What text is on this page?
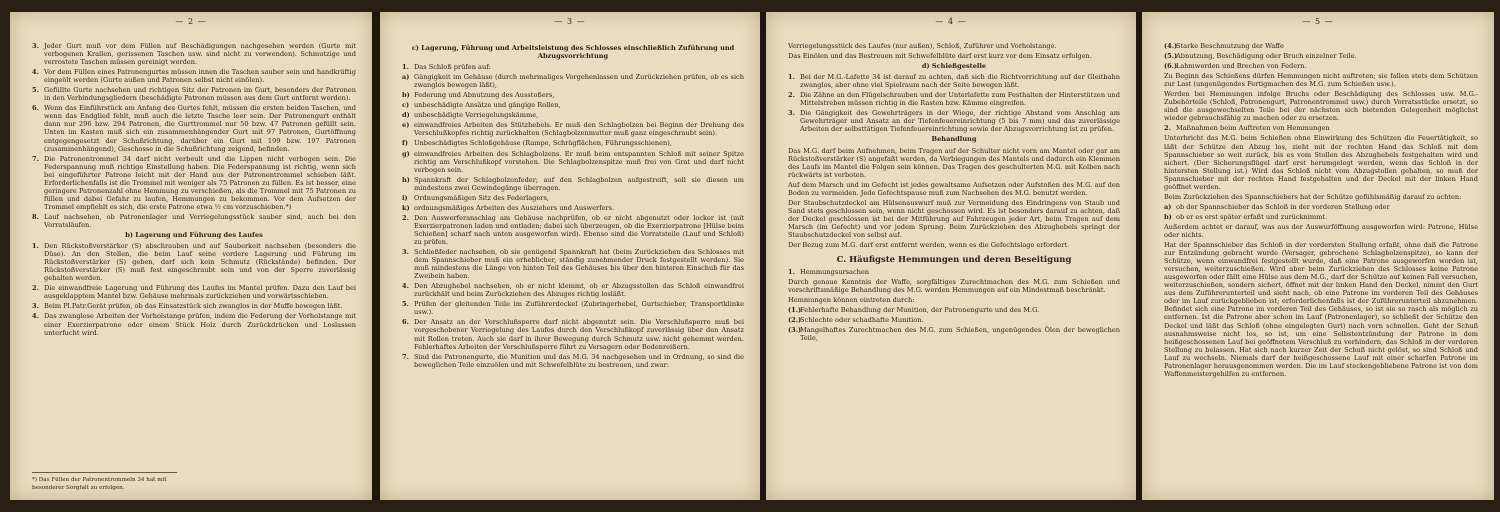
— 2 —
3. Jeder Gurt muß vor dem Füllen auf Beschädigungen nachgesehen werden (Gurte mit verbogenen Krallen, gerissenen Taschen usw. sind nicht zu verwenden). Schmutzige und verrostete Taschen müssen gereinigt werden.
4. Vor dem Füllen eines Patronengurtes müssen innen die Taschen sauber sein und handkräftig eingeölt werden (Gurte außen und Patronen selbst nicht einölen).
5. Gefüllte Gurte nachsehen und richtigen Sitz der Patronen im Gurt, besonders der Patronen in den Verbindungsgliedern (beschädigte Patronen müssen aus dem Gurt entfernt werden).
6. Wenn das Einführstück am Anfang des Gurtes fehlt, müssen die ersten beiden Taschen, und wenn das Endglied fehlt, muß auch die letzte Tasche leer sein. Der Patronengurt enthält dann nur 296 bzw. 294 Patronen, die Gurttrommel nur 50 bzw. 47 Patronen gefüllt sein. Unten im Kasten muß sich ein zusammenhängender Gurt mit 97 Patronen, Gurtöffnung entgegengesetzt der Schußrichtung, darüber ein Gurt mit 199 bzw. 197 Patronen (zusammenhängend), Geschosse in die Schußrichtung zeigend, befinden.
7. Die Patronentrommel 34 darf nicht verbeult und die Lippen nicht verbogen sein. Die Federspannung muß richtige Einstellung haben. Die Federspannung ist richtig, wenn sich bei eingeführter Patrone leicht mit der Hand aus der Patronentrommel schieben läßt. Erforderlichenfalls ist die Trommel mit weniger als 75 Patronen zu füllen. Es ist besser, eine geringere Patronenzahl ohne Hemmung zu verschießen, als die Trommel mit 75 Patronen zu füllen und dabei Gefahr zu laufen, Hemmungen zu bekommen. Vor dem Aufsetzen der Trommel empfiehlt es sich, die erste Patrone etwa ½ cm vorzuschieben.*)
8. Lauf nachsehen, ob Patronenlager und Verriegelungsstück sauber sind, auch bei den Vorratsläufen.
b) Lagerung und Führung des Laufes
1. Den Rückstoßverstärker (S) abschrauben und auf Sauberkeit nachsehen (besonders die Düse). An den Stellen, die beim Lauf seine vordere Lagerung und Führung im Rückstoßverstärker (S) geben, darf sich kein Schmutz (Rückstände) befinden. Der Rückstoßverstärker (S) muß fest eingeschraubt sein und von der Sperre zuverlässig gehalten werden.
2. Die einwandfreie Lagerung und Führung des Laufes im Mantel prüfen. Dazu den Lauf bei ausgeklapptem Mantel bzw. Gehäuse mehrmals zurückziehen und vorwärtsschieben.
3. Beim Pl.Patr.Gerät prüfen, ob das Einsatzstück sich zwanglos in der Muffe bewegen läßt.
4. Das zwanglose Arbeiten der Vorholstange prüfen, indem die Federung der Vorholstange mit einer Exerzierpatrone oder einem Stück Holz durch Zurückdrücken und Loslassen unterfucht wird.
*) Das Füllen der Patronentrommeln 34 hat mit besonderer Sorgfalt zu erfolgen.
— 3 —
c) Lagerung, Führung und Arbeitsleistung des Schlosses einschließlich Zuführung und Abzugsvorrichtung
1. Das Schloß prüfen auf:
a) Gängigkeit im Gehäuse (durch mehrmaliges Vorgehenlassen und Zurückziehen prüfen, ob es sich zwanglos bewegen läßt),
b) Federung und Abnutzung des Ausstoßers,
c) unbeschädigte Ansätze und gängige Rollen,
d) unbeschädigte Verriegelungskämme,
e) einwandfreies Arbeiten des Stützhebels. Er muß den Schlagbolzen bei Beginn der Drehung des Verschlußkopfes richtig zurückhalten (Schlagbolzenmutter muß ganz eingeschraubt sein).
f) Unbeschädigtes Schloßgehäuse (Rampe, Schrägflächen, Führungsschienen),
g) einwandfreies Arbeiten des Schlagbolzens. Er muß beim entspannten Schloß mit seiner Spitze richtig am Verschlußkopf vorstehen. Die Schlagbolzenspitze muß frei von Grat und darf nicht verbogen sein.
h) Spannkraft der Schlagbolzenfeder; auf den Schlagbolzen aufgestreift, soll sie diesen um mindestens zwei Gewindegänge überragen.
i) Ordnungsmäßigen Sitz des Federlagers,
k) ordnungsmäßiges Arbeiten des Ausziehers und Auswerfers.
2. Den Auswerferanschlag am Gehäuse nachprüfen, ob er nicht abgenutzt oder locker ist (mit Exerzierpatronen laden und entladen; dabei sich überzeugen, ob die Exerzierpatrone [Hülse beim Schießen] scharf nach unten ausgeworfen wird). Ebenso sind die Vorratsteile (Lauf und Schloß) zu prüfen.
3. Schließfeder nachsehen, ob sie genügend Spannkraft hat (beim Zurückziehen des Schlosses mit dem Spannschieber muß ein erheblicher, ständig zunehmender Druck festgestellt werden). Sie muß mindestens die Länge von hinten Teil des Gehäuses bis über den hinteren Einschub für das Zweibein haben.
4. Den Abzughebel nachsehen, ob er nicht klemmt, ob er Abzugsstollen das Schloß einwandfrei zurückhält und beim Zurückziehen des Abzuges richtig losläßt.
5. Prüfen der gleitenden Teile im Zuführerdeckel (Zubringerhebel, Gurtschieber, Transportklinke usw.).
6. Der Ansatz an der Verschlußsperre darf nicht abgenutzt sein. Die Verschlußsperre muß bei vorgeschobener Verriegelung des Laufes durch den Verschlußkopf zuverlässig über den Ansatz mit Rollen treten. Auch sie darf in ihrer Bewegung durch Schmutz usw. nicht gehemmt werden. Fehlerhaftes Arbeiten der Verschlußsperre führt zu Versagern oder Bodenreißern.
7. Sind die Patronengurte, die Munition und das M.G. 34 nachgesehen und in Ordnung, so sind die beweglichen Teile einzuölen und mit Schwefelblüte zu bestreuen, und zwar:
— 4 —
Verriegelungsstück des Laufes (nur außen), Schloß, Zuführer und Vorholstange.
Das Einölen und das Bestreuen mit Schwefelblüte darf erst kurz vor dem Einsatz erfolgen.
d) Schießgestelle
1. Bei der M.G.-Lafette 34 ist darauf zu achten, daß sich die Richtvorrichtung auf der Gleitbahn zwanglos, aber ohne viel Spielraum nach der Seite bewegen läßt.
2. Die Zähne an den Flügelschrauben und der Unterlafette zum Festhalten der Hinterstützen und Mittelstreben müssen richtig in die Rasten bzw. Kämme eingreifen.
3. Die Gängigkeit des Gewehrträgers in der Wiege, der richtige Abstand vom Anschlag am Gewehrträger und Ansatz an der Tiefenfeuereinrichtung (5 bis 7 mm) und das zuverlässige Arbeiten der selbsttätigen Tiefenfeuereinrichtung sowie der Abzugsvorrichtung ist zu prüfen.
Behandlung
Das M.G. darf beim Aufnehmen, beim Tragen auf der Schulter nicht vorn am Mantel oder gar am Rückstoßverstärker (S) angefaßt werden, da Verbiegungen des Mantels und dadurch ein Klemmen des Laufs im Mantel die Folgen sein können. Das Tragen des geschulterten M.G. mit Kolben nach rückwärts ist verboten.
Auf dem Marsch und im Gefecht ist jedes gewaltsame Aufsetzen oder Aufstoßen des M.G. auf den Boden zu vermeiden. Jede Gefechtspause muß zum Nachsehen des M.G. benutzt werden.
Der Staubschutzdeckel am Hülsenauswurf muß zur Vermeidung des Eindringens von Staub und Sand stets geschlossen sein, wenn nicht geschossen wird. Es ist besonders darauf zu achten, daß der Deckel geschlossen ist bei der Mitführung auf Fahrzeugen jeder Art, beim Tragen auf dem Marsch (im Gefecht) und vor jedem Sprung. Beim Zurückziehen des Abzughebels springt der Staubschutzdeckel von selbst auf.
Der Bezug zum M.G. darf erst entfernt werden, wenn es die Gefechtslage erfordert.
C. Häufigste Hemmungen und deren Beseitigung
1. Hemmungsursachen
Durch genaue Kenntnis der Waffe, sorgfältiges Zurechtmachen des M.G. zum Schießen und vorschriftsmäßige Behandlung des M.G. werden Hemmungen auf ein Mindestmaß beschränkt.
Hemmungen können eintreten durch:
(1.)
Fehlerhafte Behandlung der Munition, der Patronengurte und des M.G.
(2.)
Schlechte oder schadhafte Munition.
(3.)
Mangelhaftes Zurechtmachen des M.G. zum Schießen, ungenügendes Ölen der beweglichen Teile,
— 5 —
(4.)
Starke Beschmutzung der Waffe
(5.)
Abnutzung, Beschädigung oder Bruch einzelner Teile.
(6.)
Lahmwerden und Brechen von Federn.
Zu Beginn des Schießens dürfen Hemmungen nicht auftreten; sie fallen stets dem Schützen zur Last (ungenügendes Fertigmachen des M.G. zum Schießen usw.).
Werden bei Hemmungen infolge Bruchs oder Beschädigung des Schlosses usw. M.G.-Zubehörteile (Schloß, Patronengurt, Patronentrommel usw.) durch Vorratsstücke ersetzt, so sind die ausgewechselten Teile bei der nächsten sich bietenden Gelegenheit möglichst wieder gebrauchsfähig zu machen oder zu ersetzen.
2. Maßnahmen beim Auftreten von Hemmungen
Unterbricht das M.G. beim Schießen ohne Einwirkung des Schützen die Feuertätigkeit, so läßt der Schütze den Abzug los, zieht mit der rechten Hand das Schloß mit dem Spannschieber so weit zurück, bis es vom Stollen des Abzughebels festgehalten wird und sichert. (Der Sicherungsflügel darf erst herumgelegt werden, wenn das Schloß in der hintersten Stellung ist.) Wird das Schloß nicht vom Abzugstollen gehalten, so muß der Spannschieber mit der rechten Hand festgehalten und der Deckel mit der linken Hand geöffnet werden.
Beim Zurückziehen des Spannschiebers hat der Schütze gefühlsmäßig darauf zu achten:
a) ob der Spannschieber das Schloß in der vorderen Stellung oder
b) ob er es erst später erfaßt und zurücknimmt.
Außerdem achtet er darauf, was aus der Auswurföffnung ausgeworfen wird: Patrone, Hülse oder nichts.
Hat der Spannschieber das Schloß in der vordersten Stellung erfaßt, ohne daß die Patrone zur Entzündung gebracht wurde (Versager, gebrochene Schlagbolzenspitze), so kann der Schütze, wenn einwandfrei festgestellt wurde, daß eine Patrone ausgeworfen worden ist, versuchen, weiterzuschießen. Wird aber beim Zurückziehen des Schlosses keine Patrone ausgeworfen oder fällt eine Hülse aus dem M.G., darf der Schütze auf keinen Fall versuchen, weiterzuschießen, sondern sichert, öffnet mit der linken Hand den Deckel, nimmt den Gurt aus dem Zuführerunterteil und sieht nach, ob eine Patrone im vorderen Teil des Gehäuses oder im Lauf zurückgeblieben ist; erforderlichenfalls ist der Zuführerunterteil abzunehmen. Befindet sich eine Patrone im vorderen Teil des Gehäuses, so ist sie so rasch als möglich zu entfernen. Ist die Patrone aber schon im Lauf (Patronenlager), so schließt der Schütze den Deckel und läßt das Schloß (ohne eingelegten Gurt) nach vorn schnellen. Geht der Schuß ausnahmsweise nicht los, so ist, um eine Selbstentzündung der Patrone in dem heißgeschossenen Lauf bei geöffnetem Verschluß zu verhindern, das Schloß in der vorderen Stellung zu belassen. Hat sich nach kurzer Zeit der Schuß nicht gelöst, so sind Schloß und Lauf zu wechseln. Niemals darf der heißgeschossene Lauf mit einer scharfen Patrone im Patronenlager herausgenommen werden. Die im Lauf steckengebliebene Patrone ist von dem Waffenmeistergehilfen zu entfernen.
